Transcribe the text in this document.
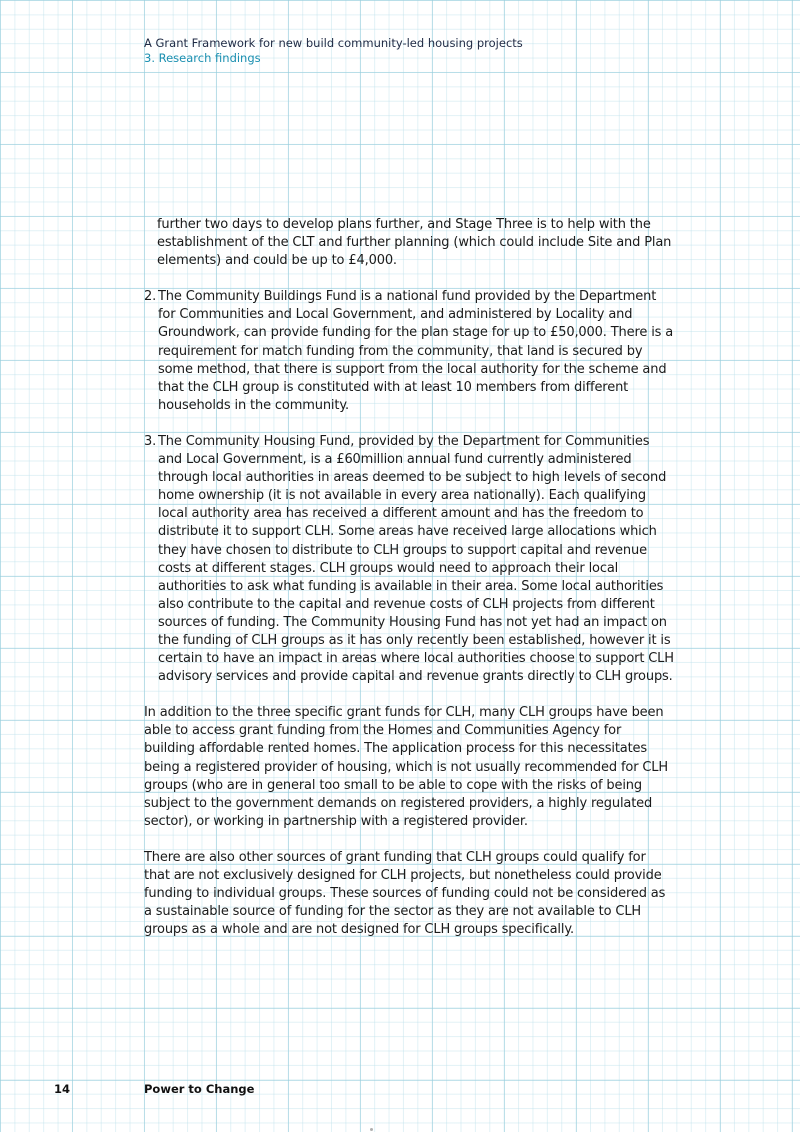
A Grant Framework for new build community-led housing projects
3. Research findings

further two days to develop plans further, and Stage Three is to help with the establishment of the CLT and further planning (which could include Site and Plan elements) and could be up to £4,000.

2. The Community Buildings Fund is a national fund provided by the Department for Communities and Local Government, and administered by Locality and Groundwork, can provide funding for the plan stage for up to £50,000. There is a requirement for match funding from the community, that land is secured by some method, that there is support from the local authority for the scheme and that the CLH group is constituted with at least 10 members from different households in the community.
3. The Community Housing Fund, provided by the Department for Communities and Local Government, is a £60million annual fund currently administered through local authorities in areas deemed to be subject to high levels of second home ownership (it is not available in every area nationally). Each qualifying local authority area has received a different amount and has the freedom to distribute it to support CLH. Some areas have received large allocations which they have chosen to distribute to CLH groups to support capital and revenue costs at different stages. CLH groups would need to approach their local authorities to ask what funding is available in their area. Some local authorities also contribute to the capital and revenue costs of CLH projects from different sources of funding. The Community Housing Fund has not yet had an impact on the funding of CLH groups as it has only recently been established, however it is certain to have an impact in areas where local authorities choose to support CLH advisory services and provide capital and revenue grants directly to CLH groups.

In addition to the three specific grant funds for CLH, many CLH groups have been able to access grant funding from the Homes and Communities Agency for building affordable rented homes. The application process for this necessitates being a registered provider of housing, which is not usually recommended for CLH groups (who are in general too small to be able to cope with the risks of being subject to the government demands on registered providers, a highly regulated sector), or working in partnership with a registered provider.

There are also other sources of grant funding that CLH groups could qualify for that are not exclusively designed for CLH projects, but nonetheless could provide funding to individual groups. These sources of funding could not be considered as a sustainable source of funding for the sector as they are not available to CLH groups as a whole and are not designed for CLH groups specifically.

14	Power to Change
